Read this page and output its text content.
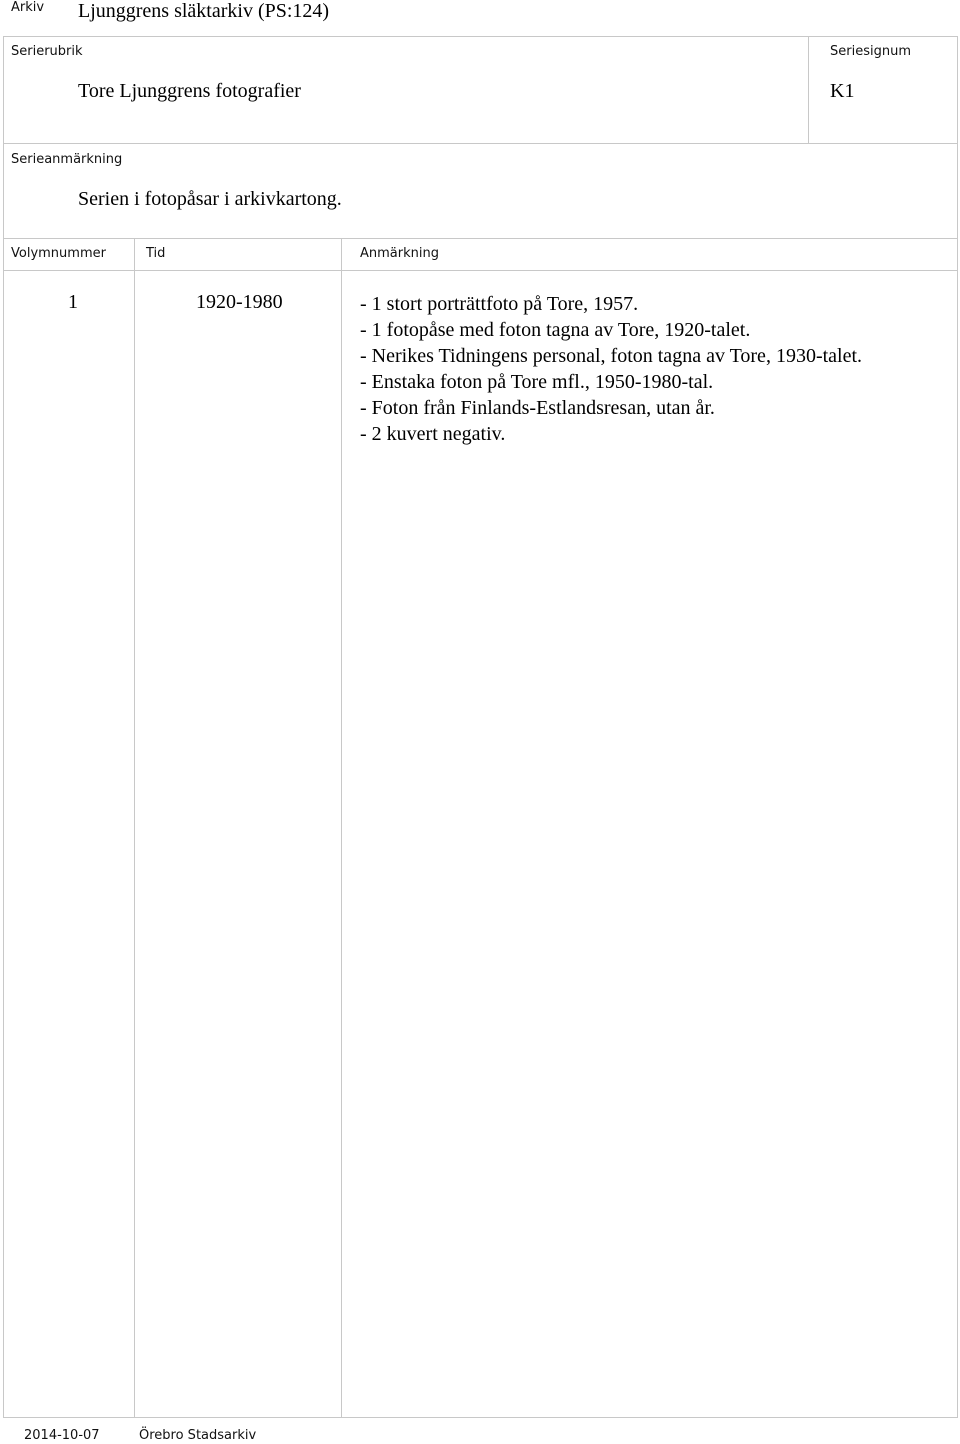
Arkiv Ljunggrens släktarkiv (PS:124)
Serierubrik
Tore Ljunggrens fotografier
Seriesignum
K1
Serieanmärkning
Serien i fotopåsar i arkivkartong.
Volymnummer	Tid	Anmärkning
1	1920-1980	- 1 stort porträttfoto på Tore, 1957.
- 1 fotopåse med foton tagna av Tore, 1920-talet.
- Nerikes Tidningens personal, foton tagna av Tore, 1930-talet.
- Enstaka foton på Tore mfl., 1950-1980-tal.
- Foton från Finlands-Estlandsresan, utan år.
- 2 kuvert negativ.
2014-10-07	Örebro Stadsarkiv
